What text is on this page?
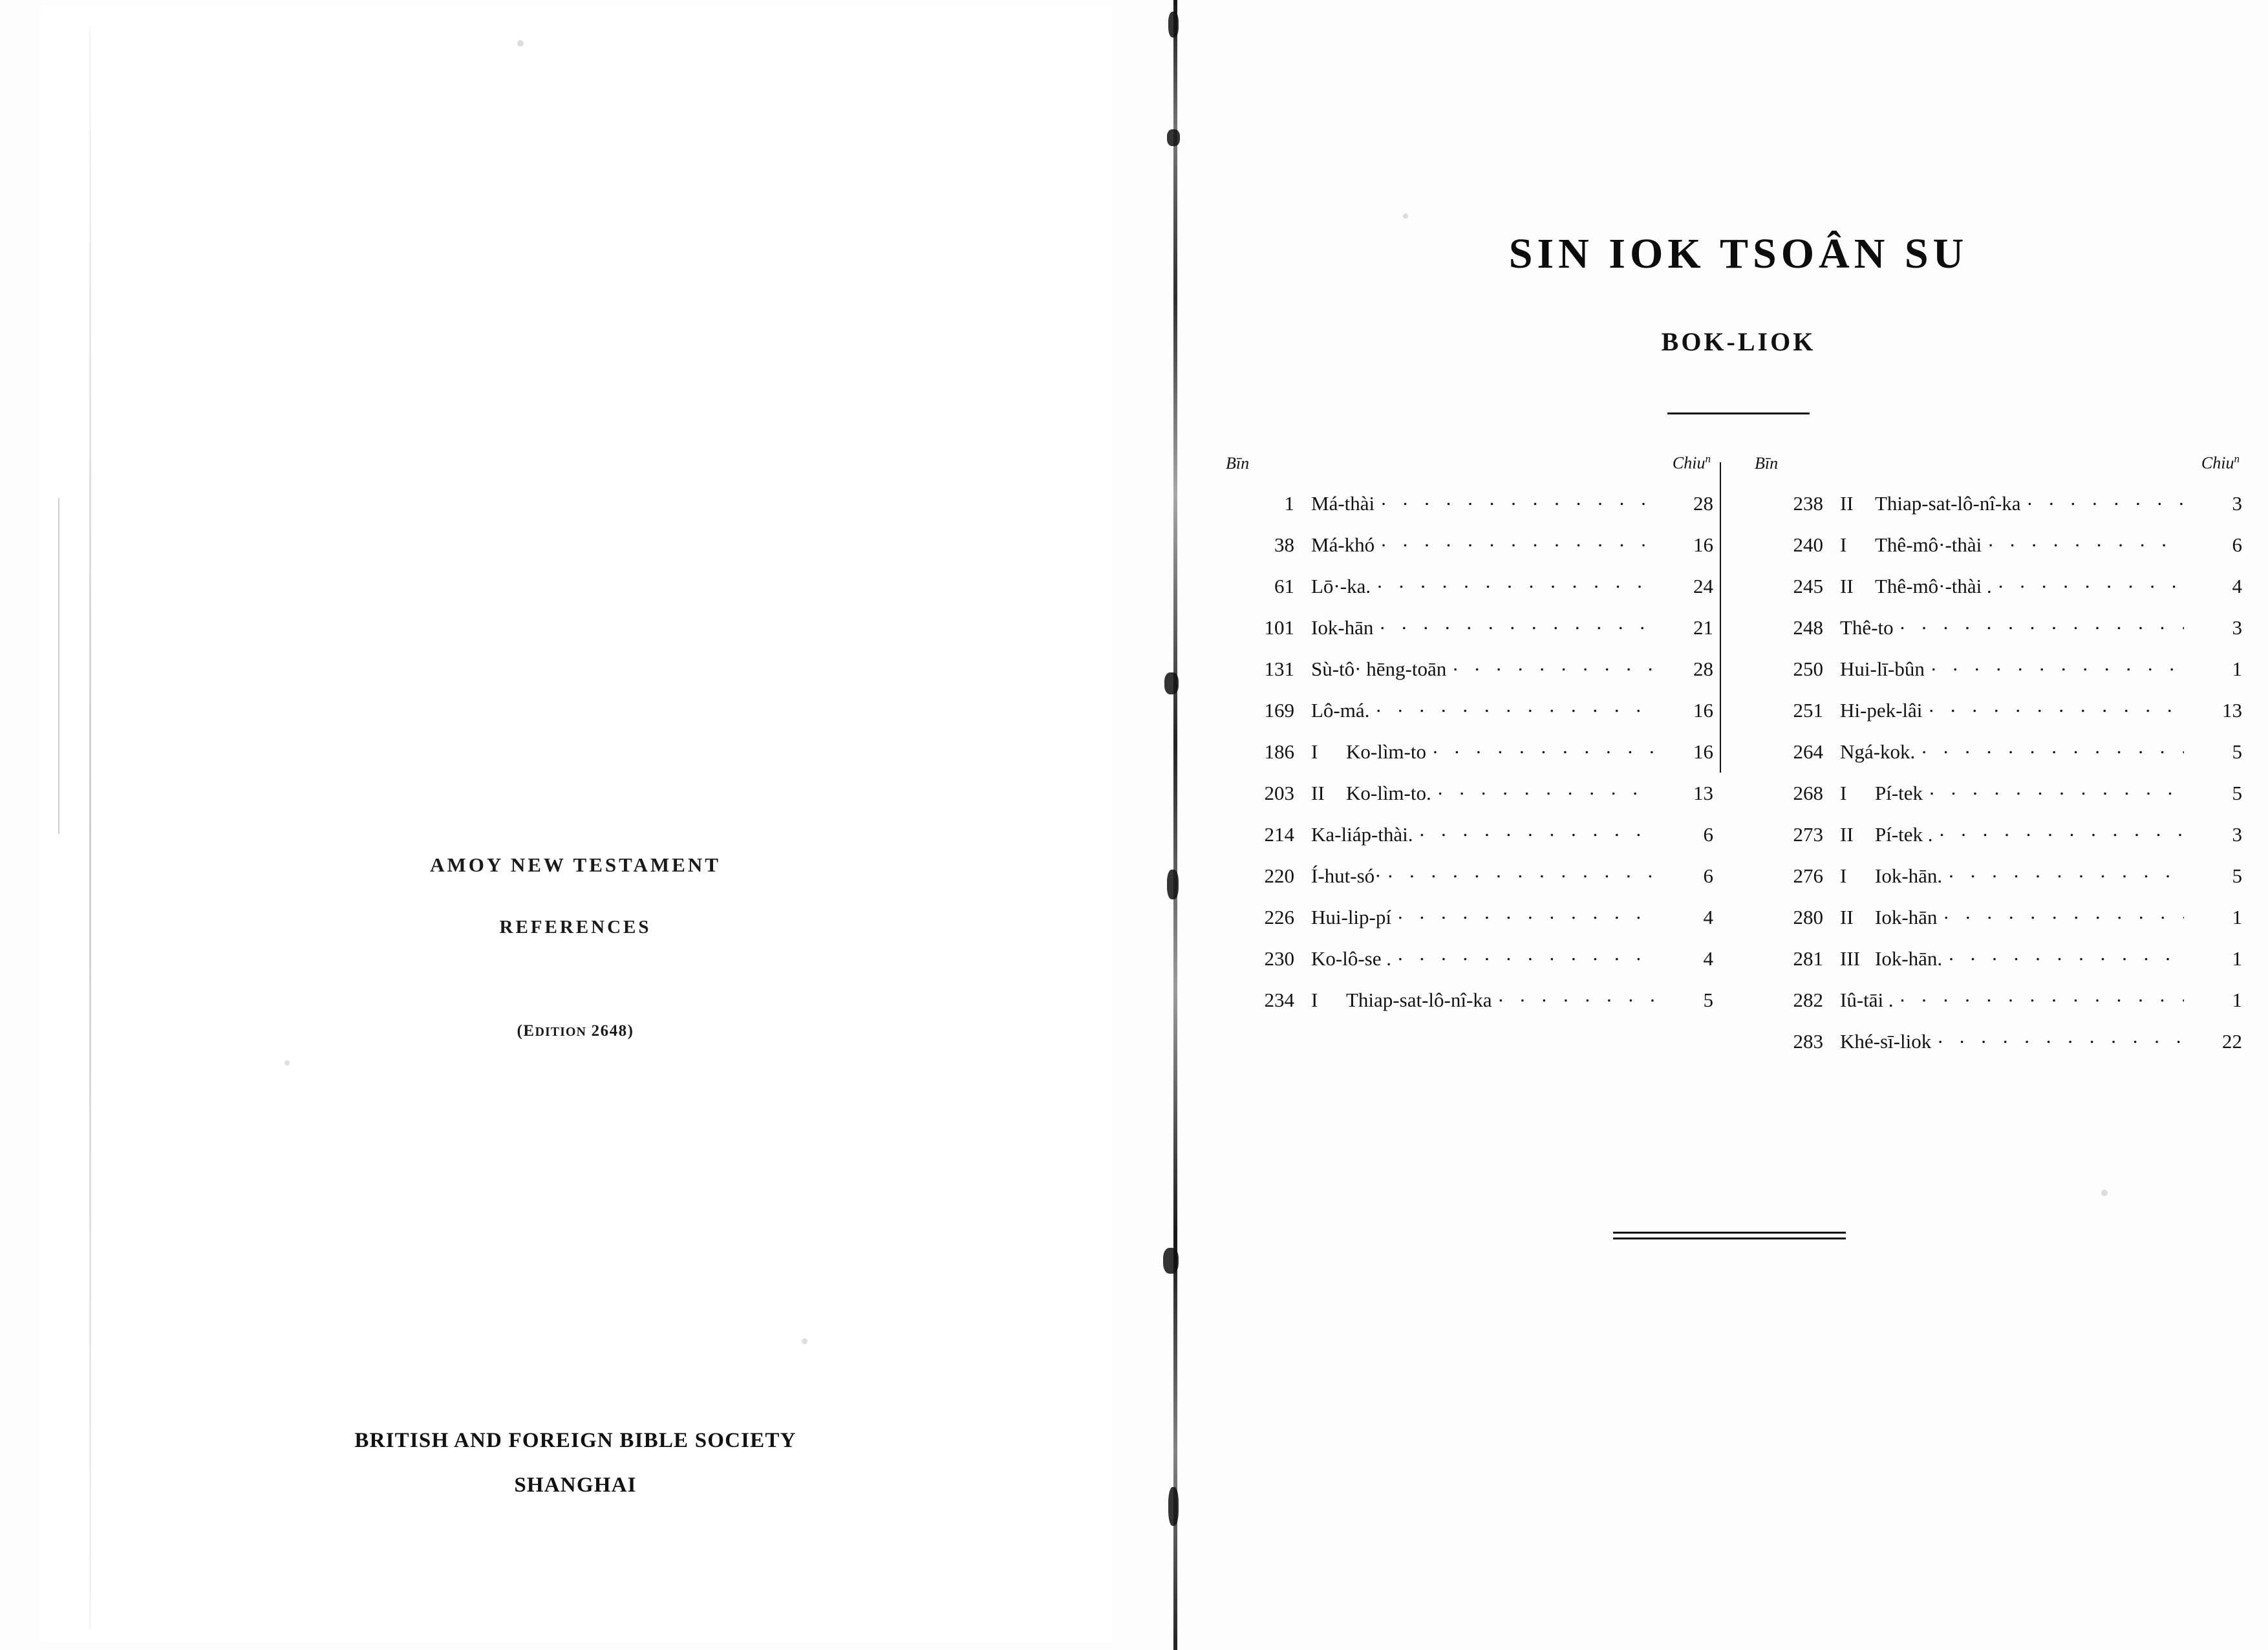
AMOY NEW TESTAMENT
REFERENCES
(EDITION 2648)
BRITISH AND FOREIGN BIBLE SOCIETY
SHANGHAI
SIN IOK TSOÂN SU
BOK-LIOK
Bīn	Chiu$^n$
1 Má-thài . . .	28
38 Má-khó . . .	16
61 Lō·-ka. . . .	24
101 Iok-hān . . .	21
131 Sù-tô· hēng-toān . . .	28
169 Lô-má. . . .	16
186 I Ko-lìm-to . . .	16
203 II Ko-lìm-to. . . .	13
214 Ka-liáp-thài. . . .	6
220 Í-hut-só· . . .	6
226 Hui-lip-pí . . .	4
230 Ko-lô-se . . . .	4
234 I Thiap-sat-lô-nî-ka . . .	5
Bīn	Chiu$^n$
238 II Thiap-sat-lô-nî-ka . . .	3
240 I Thê-mô·-thài . . .	6
245 II Thê-mô·-thài . . . .	4
248 Thê-to . . .	3
250 Hui-lī-bûn . . .	1
251 Hi-pek-lâi . . .	13
264 Ngá-kok. . . .	5
268 I Pí-tek . . .	5
273 II Pí-tek . . . .	3
276 I Iok-hān. . . .	5
280 II Iok-hān . . .	1
281 III Iok-hān. . . .	1
282 Iû-tāi . . . .	1
283 Khé-sī-liok . . .	22
